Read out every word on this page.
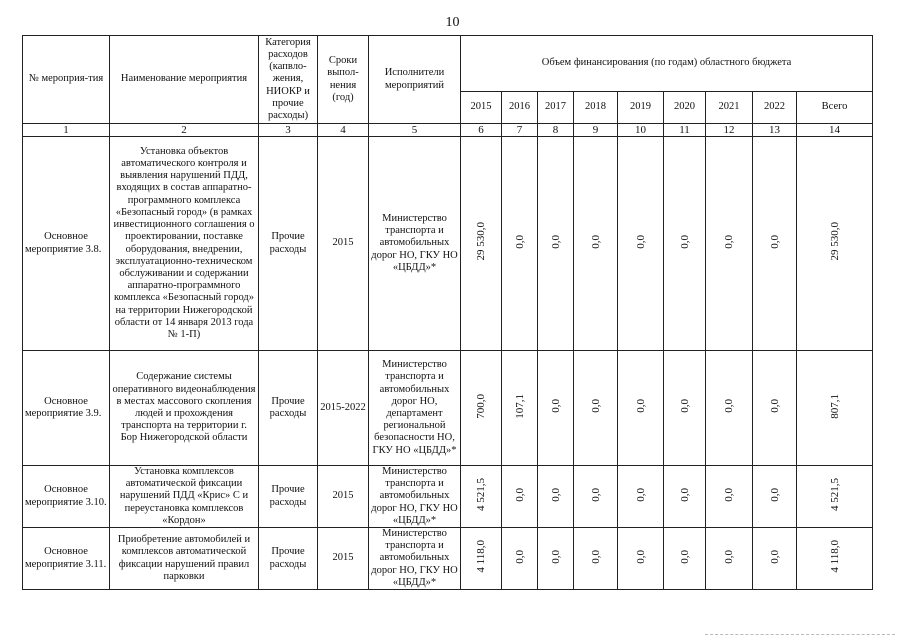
10
№ мероприя-тия	Наименование мероприятия	Категория расходов (капвло-жения, НИОКР и прочие расходы)	Сроки выпол-нения (год)	Исполнители мероприятий	Объем финансирования (по годам) областного бюджета								
					2015	2016	2017	2018	2019	2020	2021	2022	Всего
1	2	3	4	5	6	7	8	9	10	11	12	13	14
Основное мероприятие 3.8.	Установка объектов автоматического контроля и выявления нарушений ПДД, входящих в состав аппаратно-программного комплекса «Безопасный город» (в рамках инвестиционного соглашения о проектировании, поставке оборудования, внедрении, эксплуатационно-техническом обслуживании и содержании аппаратно-программного комплекса «Безопасный город» на территории Нижегородской области от 14 января 2013 года № 1-П)	Прочие расходы	2015	Министерство транспорта и автомобильных дорог НО, ГКУ НО «ЦБДД»*	29 530,0	0,0	0,0	0,0	0,0	0,0	0,0	0,0	29 530,0
Основное мероприятие 3.9.	Содержание системы оперативного видеонаблюдения в местах массового скопления людей и прохождения транспорта на территории г. Бор Нижегородской области	Прочие расходы	2015-2022	Министерство транспорта и автомобильных дорог НО, департамент региональной безопасности НО, ГКУ НО «ЦБДД»*	700,0	107,1	0,0	0,0	0,0	0,0	0,0	0,0	807,1
Основное мероприятие 3.10.	Установка комплексов автоматической фиксации нарушений ПДД «Крис» С и переустановка комплексов «Кордон»	Прочие расходы	2015	Министерство транспорта и автомобильных дорог НО, ГКУ НО «ЦБДД»*	4 521,5	0,0	0,0	0,0	0,0	0,0	0,0	0,0	4 521,5
Основное мероприятие 3.11.	Приобретение автомобилей и комплексов автоматической фиксации нарушений правил парковки	Прочие расходы	2015	Министерство транспорта и автомобильных дорог НО, ГКУ НО «ЦБДД»*	4 118,0	0,0	0,0	0,0	0,0	0,0	0,0	0,0	4 118,0
